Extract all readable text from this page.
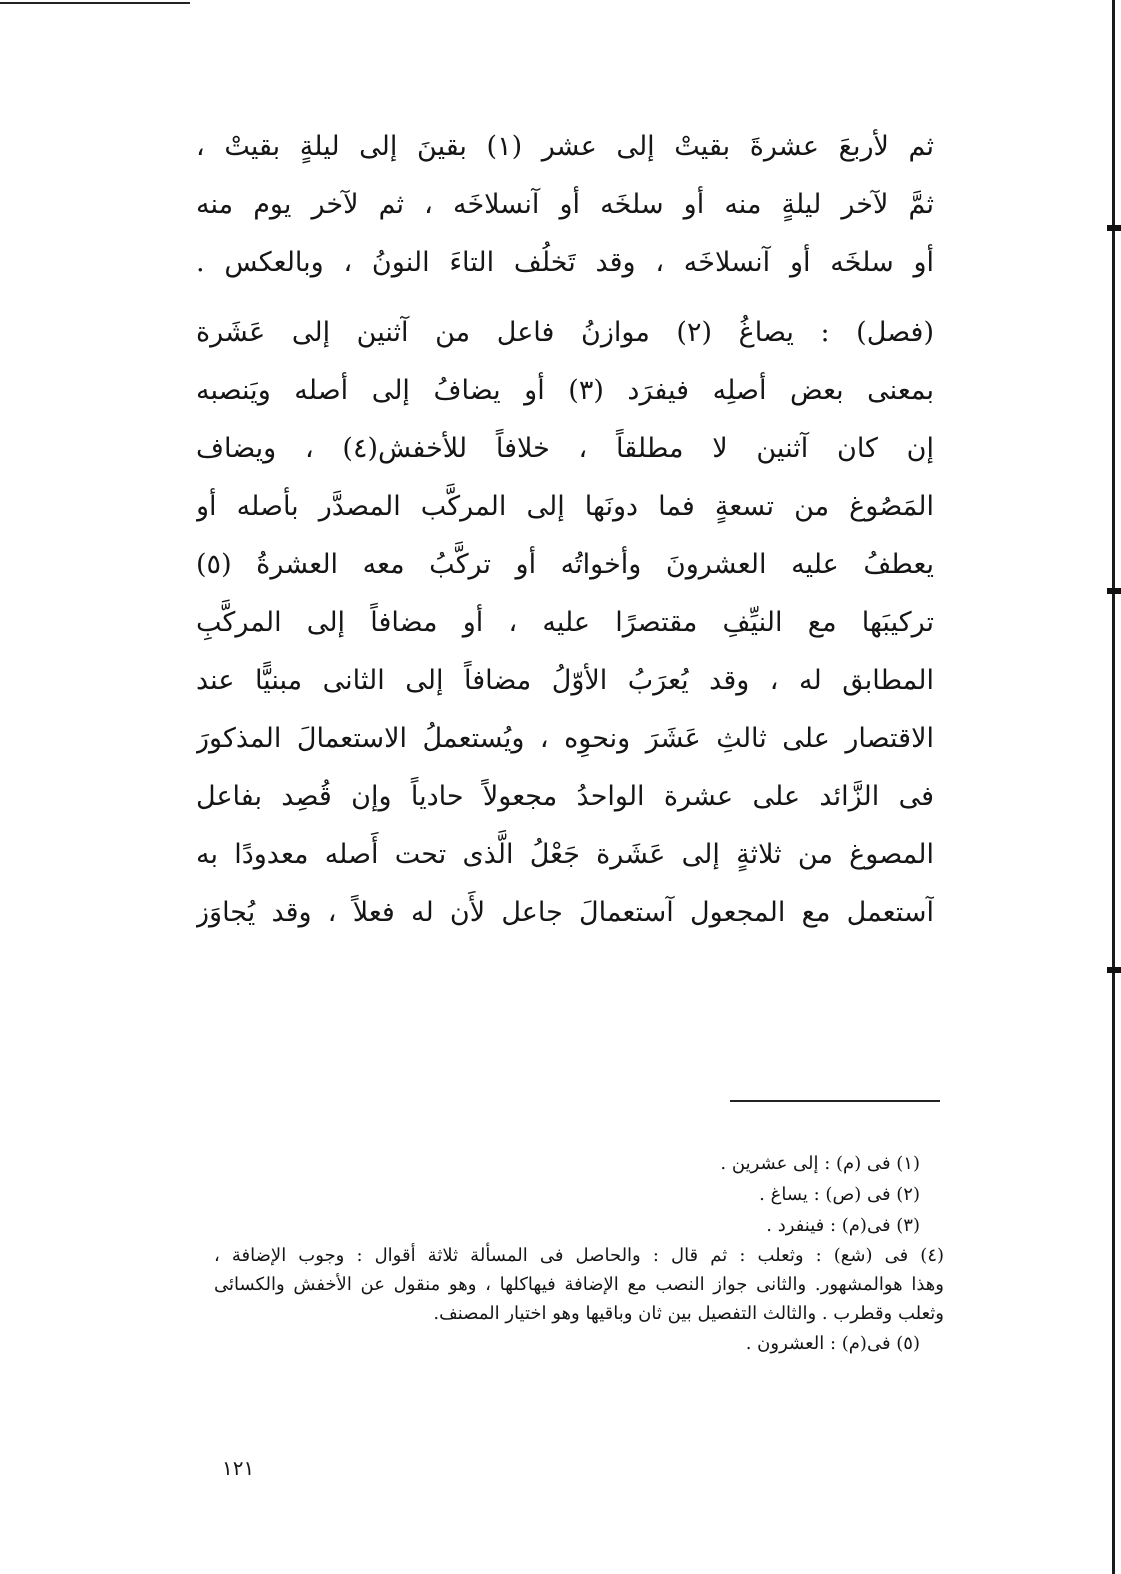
ثم لأربعَ عشرةَ بقيتْ إلى عشر (١) بقينَ إلى ليلةٍ بقيتْ ،
ثمَّ لآخر ليلةٍ منه أو سلخَه أو آنسلاخَه ، ثم لآخر يوم منه
أو سلخَه أو آنسلاخَه ، وقد تَخلُف التاءَ النونُ ، وبالعكس .
(فصل) : يصاغُ (٢) موازنُ فاعل من آثنين إلى عَشَرة
بمعنى بعض أصلِه فيفرَد (٣) أو يضافُ إلى أصله ويَنصبه
إن كان آثنين لا مطلقاً ، خلافاً للأخفش(٤) ، ويضاف
المَصُوغ من تسعةٍ فما دونَها إلى المركَّب المصدَّر بأصله أو
يعطفُ عليه العشرونَ وأخواتُه أو تركَّبُ معه العشرةُ (٥)
تركيبَها مع النيِّفِ مقتصرًا عليه ، أو مضافاً إلى المركَّبِ
المطابق له ، وقد يُعرَبُ الأوّلُ مضافاً إلى الثانى مبنيًّا عند
الاقتصار على ثالثِ عَشَرَ ونحوِه ، ويُستعملُ الاستعمالَ المذكورَ
فى الزَّائد على عشرة الواحدُ مجعولاً حادياً وإن قُصِد بفاعل
المصوغ من ثلاثةٍ إلى عَشَرة جَعْلُ الَّذى تحت أَصله معدودًا به
آستعمل مع المجعول آستعمالَ جاعل لأَن له فعلاً ، وقد يُجاوَز
(١) فى (م) : إلى عشرين .
(٢) فى (ص) : يساغ .
(٣) فى(م) : فينفرد .
(٤) فى (شع) : وثعلب : ثم قال : والحاصل فى المسألة ثلاثة أقوال : وجوب الإضافة ،
وهذا هوالمشهور. والثانى جواز النصب مع الإضافة فيهاكلها ، وهو منقول عن الأخفش والكسائى
وثعلب وقطرب . والثالث التفصيل بين ثان وباقيها وهو اختيار المصنف.
(٥) فى(م) : العشرون .
١٢١
